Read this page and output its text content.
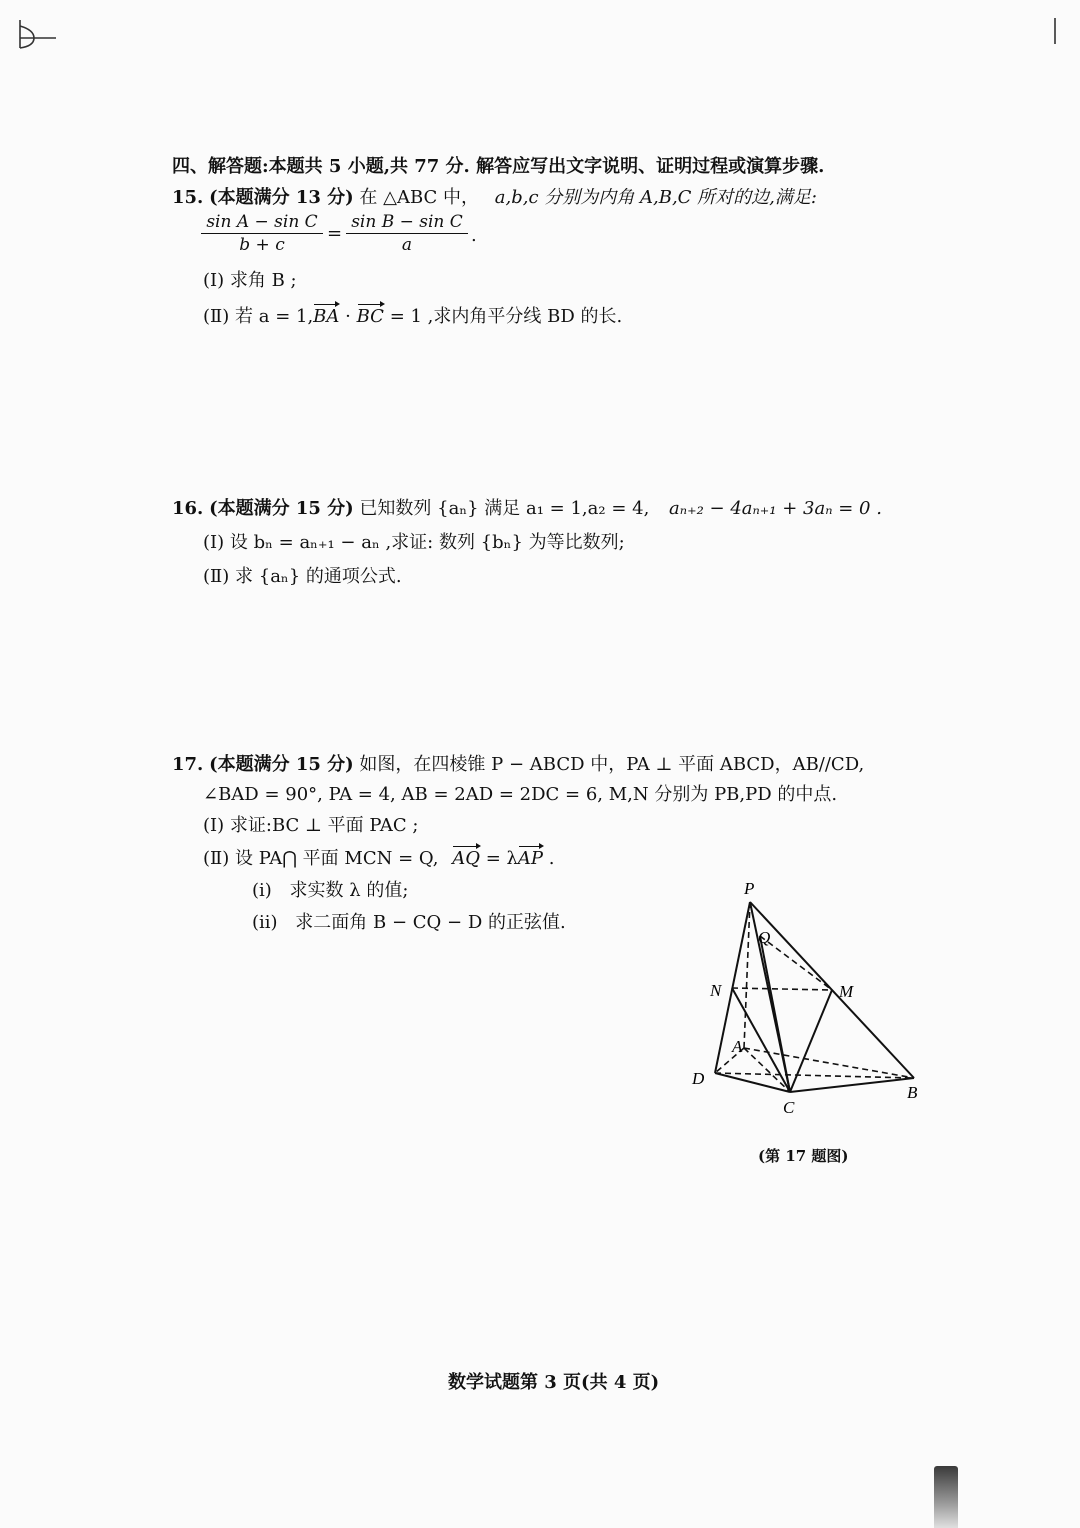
四、解答题:本题共 5 小题,共 77 分. 解答应写出文字说明、证明过程或演算步骤.
15. (本题满分 13 分) 在 △ABC 中， a,b,c 分别为内角 A,B,C 所对的边,满足:
sin A − sin C
b + c
=
sin B − sin C
a	.
(Ⅰ) 求角 B ;
(Ⅱ) 若 a = 1,BA · BC = 1 ,求内角平分线 BD 的长.
16. (本题满分 15 分) 已知数列 {aₙ} 满足 a₁ = 1,a₂ = 4, aₙ₊₂ − 4aₙ₊₁ + 3aₙ = 0 .
(Ⅰ) 设 bₙ = aₙ₊₁ − aₙ ,求证: 数列 {bₙ} 为等比数列;
(Ⅱ) 求 {aₙ} 的通项公式.
17. (本题满分 15 分) 如图，在四棱锥 P − ABCD 中，PA ⊥ 平面 ABCD，AB//CD,
∠BAD = 90°, PA = 4, AB = 2AD = 2DC = 6, M,N 分别为 PB,PD 的中点.
(Ⅰ) 求证:BC ⊥ 平面 PAC ;
(Ⅱ) 设 PA⋂ 平面 MCN = Q, AQ = λAP .
(i) 求实数 λ 的值;
(ii) 求二面角 B − CQ − D 的正弦值.
P
Q
N	M
A
D
C
B
(第 17 题图)
数学试题第 3 页(共 4 页)
